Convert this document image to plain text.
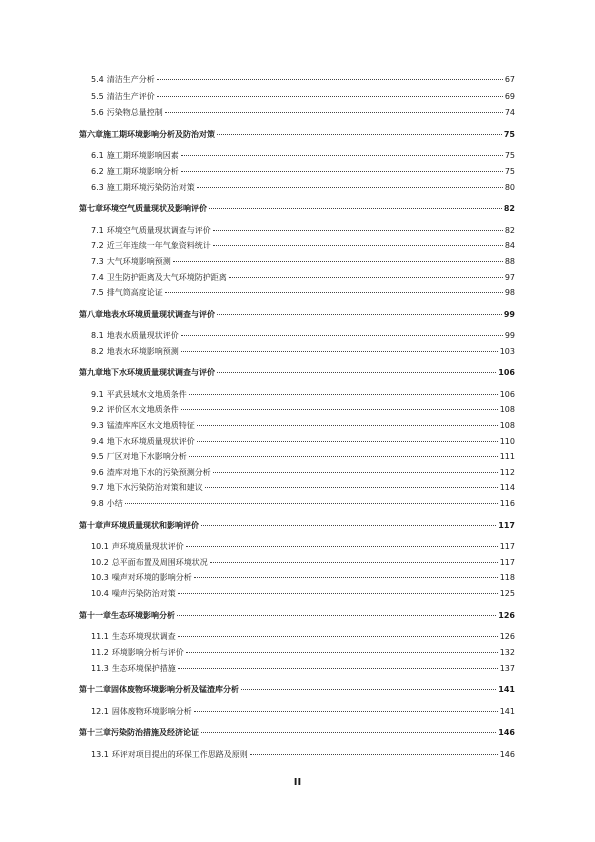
II
5.4 清洁生产分析	67
5.5 清洁生产评价	69
5.6 污染物总量控制	74
第六章施工期环境影响分析及防治对策	75
6.1 施工期环境影响因素	75
6.2 施工期环境影响分析	75
6.3 施工期环境污染防治对策	80
第七章环境空气质量现状及影响评价	82
7.1 环境空气质量现状调查与评价	82
7.2 近三年连续一年气象资料统计	84
7.3 大气环境影响预测	88
7.4 卫生防护距离及大气环境防护距离	97
7.5 排气筒高度论证	98
第八章地表水环境质量现状调查与评价	99
8.1 地表水质量现状评价	99
8.2 地表水环境影响预测	103
第九章地下水环境质量现状调查与评价	106
9.1 平武县域水文地质条件	106
9.2 评价区水文地质条件	108
9.3 锰渣库库区水文地质特征	108
9.4 地下水环境质量现状评价	110
9.5 厂区对地下水影响分析	111
9.6 渣库对地下水的污染预测分析	112
9.7 地下水污染防治对策和建议	114
9.8 小结	116
第十章声环境质量现状和影响评价	117
10.1 声环境质量现状评价	117
10.2 总平面布置及周围环境状况	117
10.3 噪声对环境的影响分析	118
10.4 噪声污染防治对策	125
第十一章生态环境影响分析	126
11.1 生态环境现状调查	126
11.2 环境影响分析与评价	132
11.3 生态环境保护措施	137
第十二章固体废物环境影响分析及锰渣库分析	141
12.1 固体废物环境影响分析	141
第十三章污染防治措施及经济论证	146
13.1 环评对项目提出的环保工作思路及原则	146
